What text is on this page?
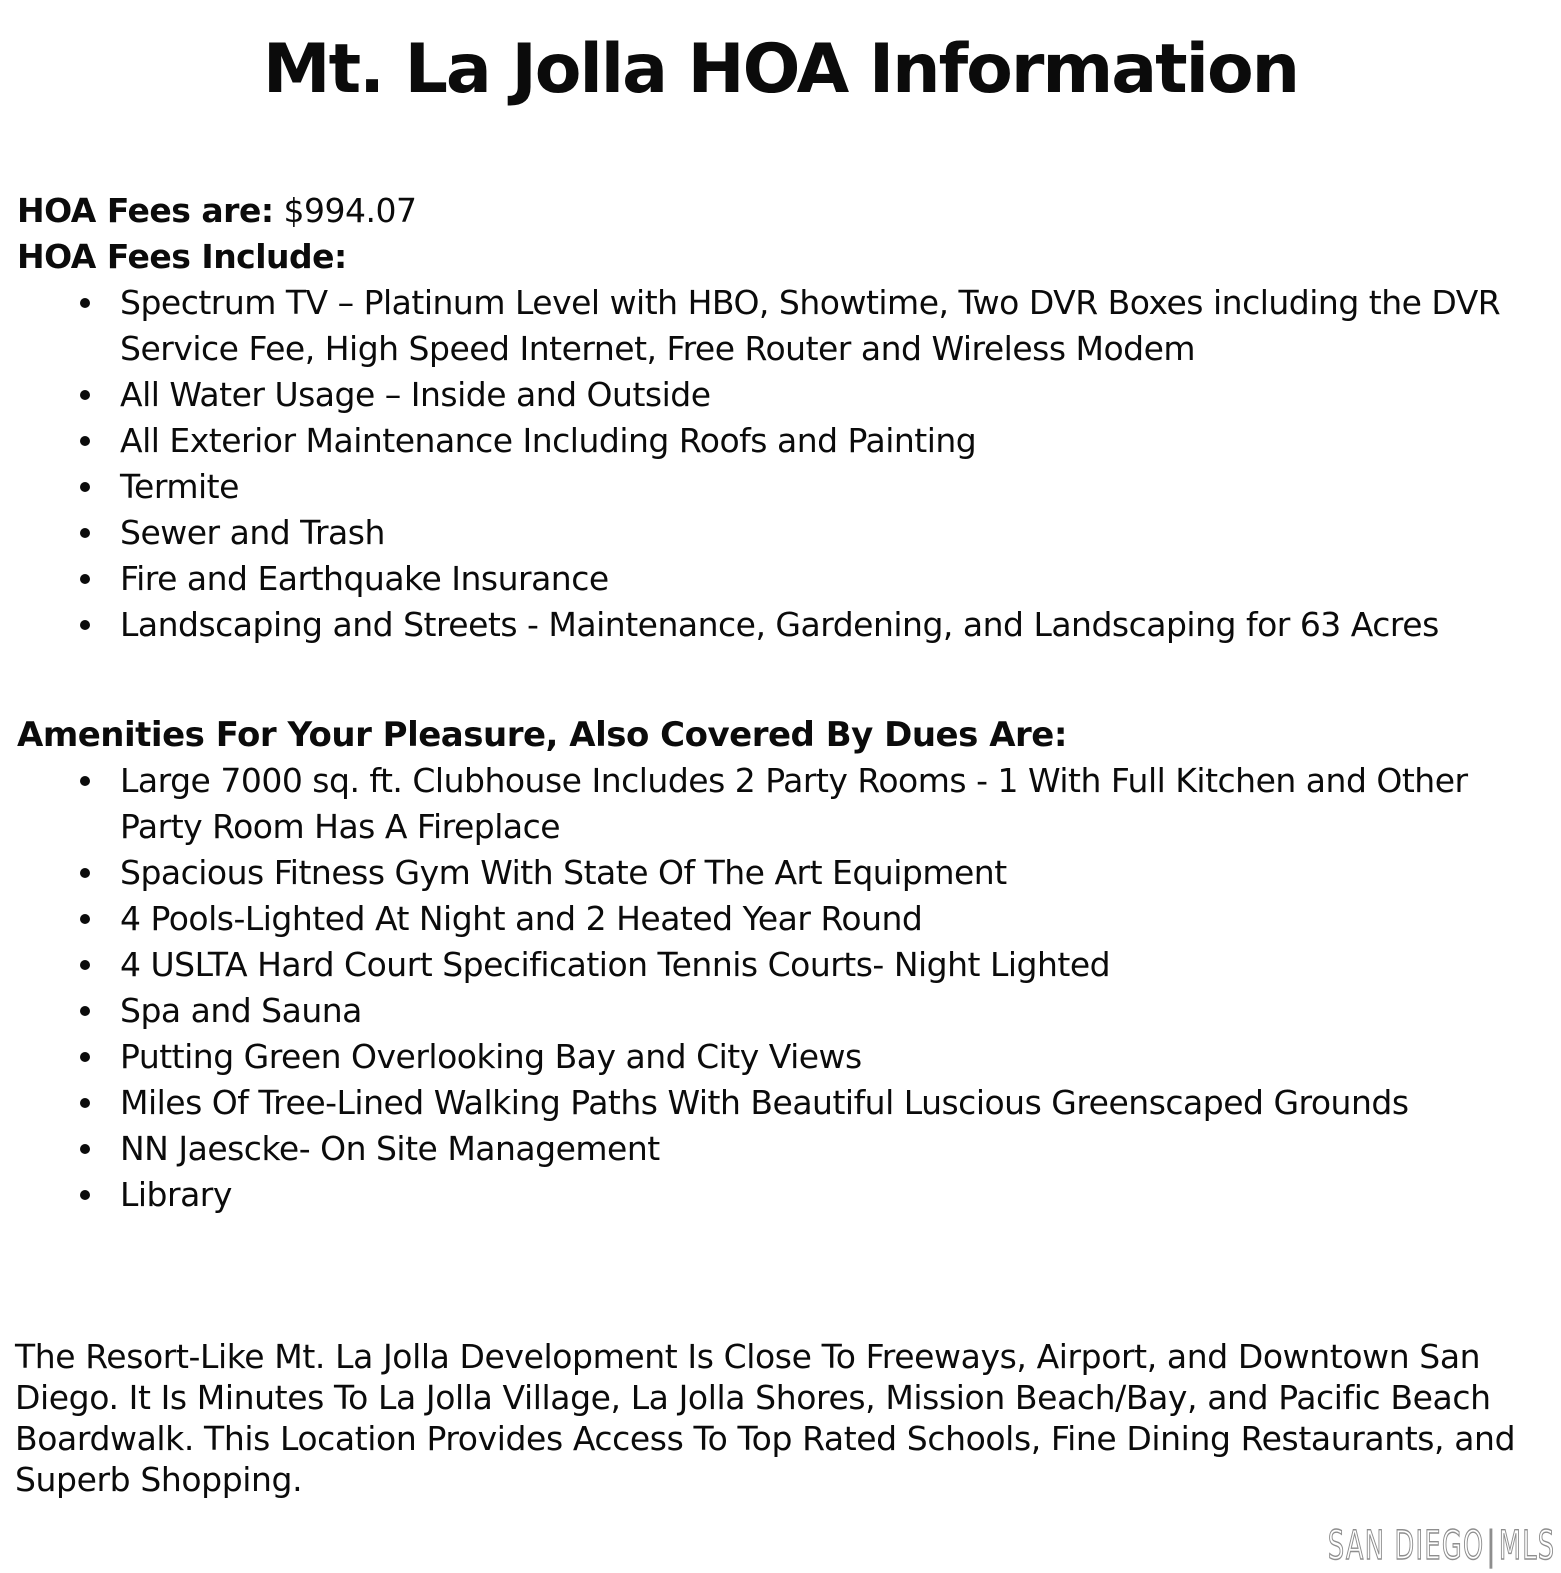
Mt. La Jolla HOA Information
HOA Fees are: $994.07
HOA Fees Include:
Spectrum TV – Platinum Level with HBO, Showtime, Two DVR Boxes including the DVR Service Fee, High Speed Internet, Free Router and Wireless Modem
All Water Usage – Inside and Outside
All Exterior Maintenance Including Roofs and Painting
Termite
Sewer and Trash
Fire and Earthquake Insurance
Landscaping and Streets - Maintenance, Gardening, and Landscaping for 63 Acres
Amenities For Your Pleasure, Also Covered By Dues Are:
Large 7000 sq. ft. Clubhouse Includes 2 Party Rooms - 1 With Full Kitchen and Other Party Room Has A Fireplace
Spacious Fitness Gym With State Of The Art Equipment
4 Pools-Lighted At Night and 2 Heated Year Round
4 USLTA Hard Court Specification Tennis Courts- Night Lighted
Spa and Sauna
Putting Green Overlooking Bay and City Views
Miles Of Tree-Lined Walking Paths With Beautiful Luscious Greenscaped Grounds
NN Jaescke- On Site Management
Library

The Resort-Like Mt. La Jolla Development Is Close To Freeways, Airport, and Downtown San Diego. It Is Minutes To La Jolla Village, La Jolla Shores, Mission Beach/Bay, and Pacific Beach Boardwalk. This Location Provides Access To Top Rated Schools, Fine Dining Restaurants, and Superb Shopping.

SAN DIEGO|MLS
